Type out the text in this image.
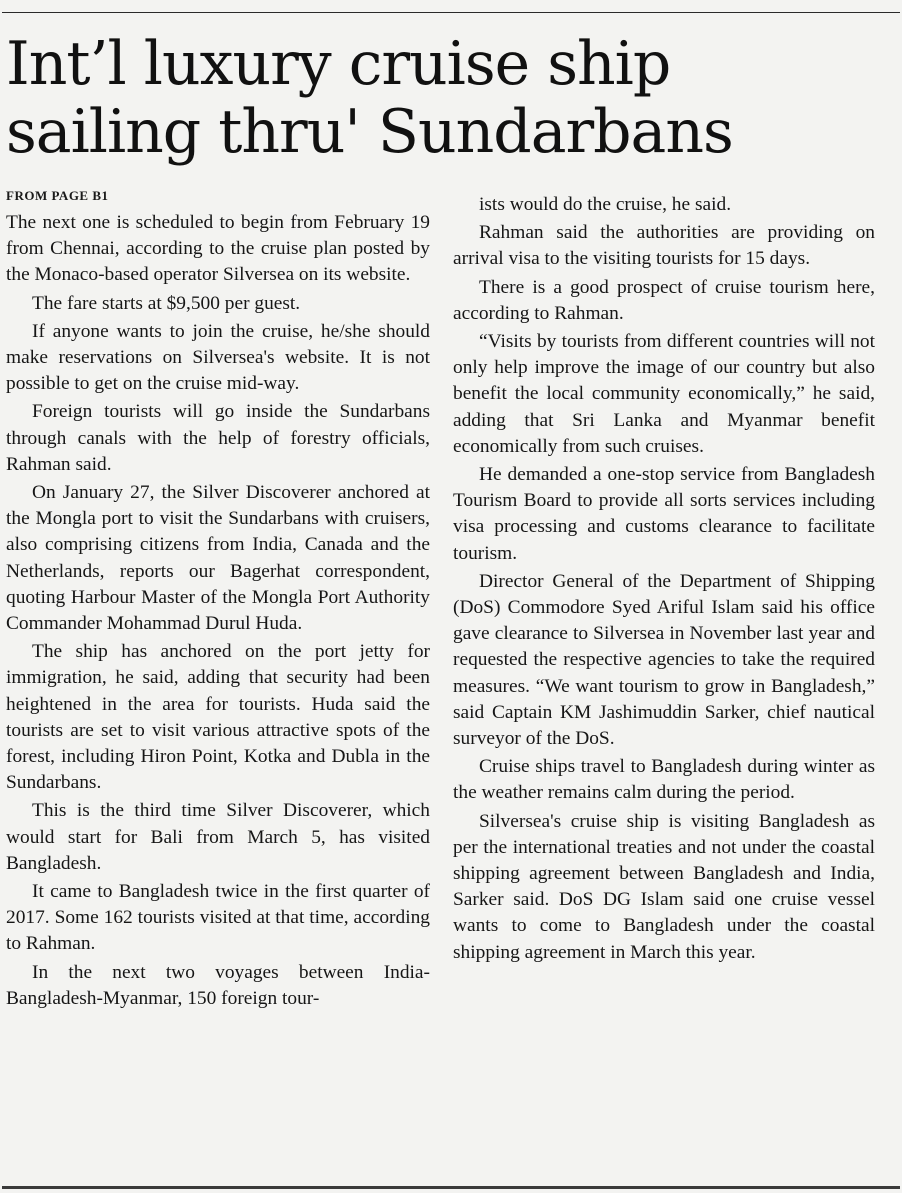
Int’l luxury cruise ship
sailing thru' Sundarbans
FROM PAGE B1

The next one is scheduled to begin from February 19 from Chennai, according to the cruise plan posted by the Monaco-based operator Silversea on its website.

The fare starts at $9,500 per guest.

If anyone wants to join the cruise, he/she should make reservations on Silversea's website. It is not possible to get on the cruise mid-way.

Foreign tourists will go inside the Sundarbans through canals with the help of forestry officials, Rahman said.

On January 27, the Silver Discoverer anchored at the Mongla port to visit the Sundarbans with cruisers, also comprising citizens from India, Canada and the Netherlands, reports our Bagerhat correspondent, quoting Harbour Master of the Mongla Port Authority Commander Mohammad Durul Huda.

The ship has anchored on the port jetty for immigration, he said, adding that security had been heightened in the area for tourists. Huda said the tourists are set to visit various attractive spots of the forest, including Hiron Point, Kotka and Dubla in the Sundarbans.

This is the third time Silver Discoverer, which would start for Bali from March 5, has visited Bangladesh.

It came to Bangladesh twice in the first quarter of 2017. Some 162 tourists visited at that time, according to Rahman.

In the next two voyages between India-Bangladesh-Myanmar, 150 foreign tour-

ists would do the cruise, he said.

Rahman said the authorities are providing on arrival visa to the visiting tourists for 15 days.

There is a good prospect of cruise tourism here, according to Rahman.

“Visits by tourists from different countries will not only help improve the image of our country but also benefit the local community economically,” he said, adding that Sri Lanka and Myanmar benefit economically from such cruises.

He demanded a one-stop service from Bangladesh Tourism Board to provide all sorts services including visa processing and customs clearance to facilitate tourism.

Director General of the Department of Shipping (DoS) Commodore Syed Ariful Islam said his office gave clearance to Silversea in November last year and requested the respective agencies to take the required measures. “We want tourism to grow in Bangladesh,” said Captain KM Jashimuddin Sarker, chief nautical surveyor of the DoS.

Cruise ships travel to Bangladesh during winter as the weather remains calm during the period.

Silversea's cruise ship is visiting Bangladesh as per the international treaties and not under the coastal shipping agreement between Bangladesh and India, Sarker said. DoS DG Islam said one cruise vessel wants to come to Bangladesh under the coastal shipping agreement in March this year.
